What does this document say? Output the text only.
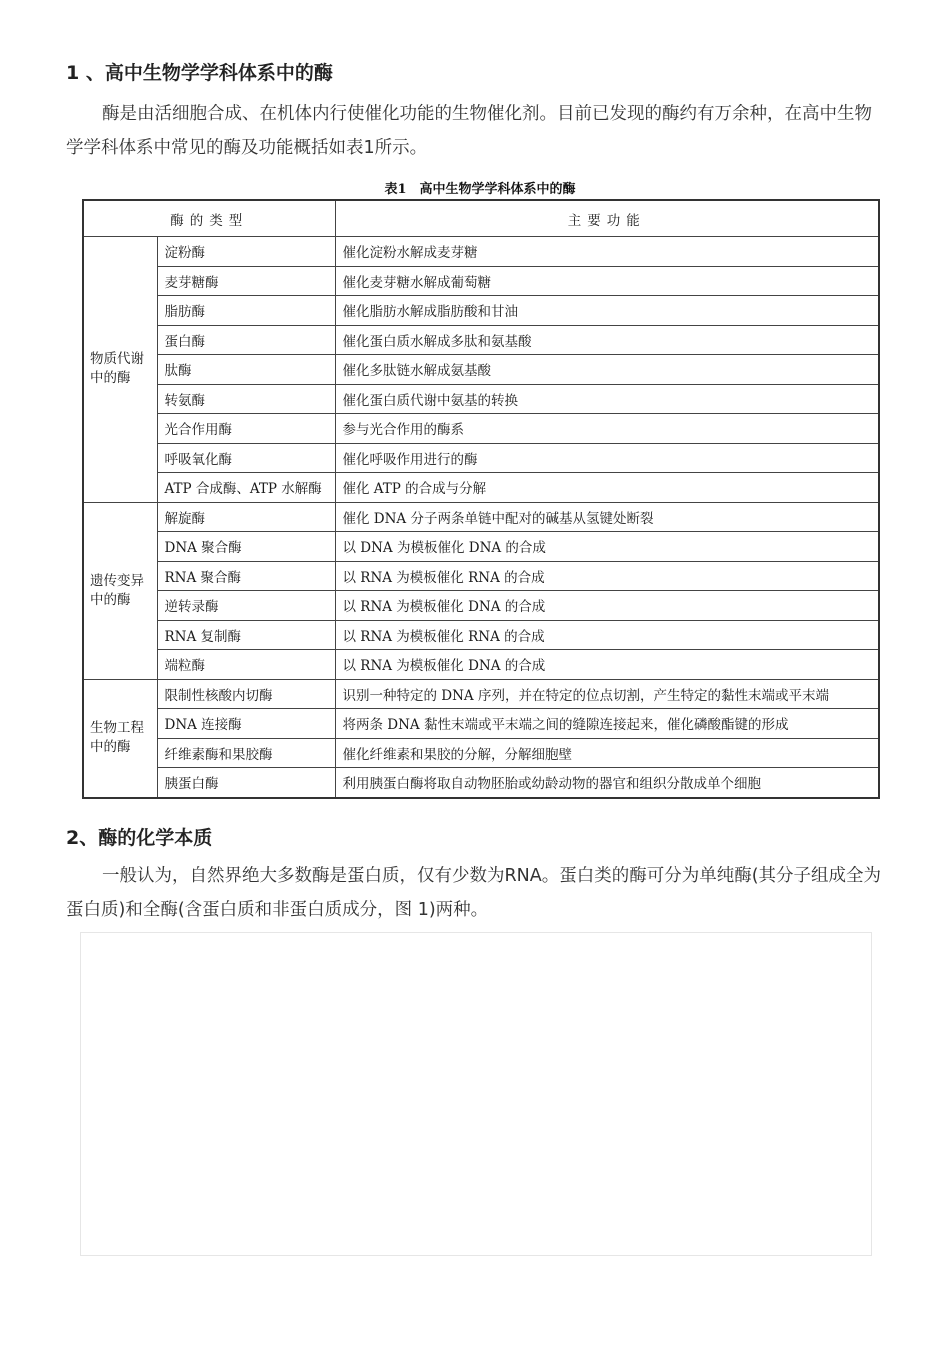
1 、高中生物学学科体系中的酶

酶是由活细胞合成、在机体内行使催化功能的生物催化剂。目前已发现的酶约有万余种，在高中生物学学科体系中常见的酶及功能概括如表1所示。

表1　高中生物学学科体系中的酶
酶的类型		主要功能
物质代谢中的酶	淀粉酶	催化淀粉水解成麦芽糖
	麦芽糖酶	催化麦芽糖水解成葡萄糖
	脂肪酶	催化脂肪水解成脂肪酸和甘油
	蛋白酶	催化蛋白质水解成多肽和氨基酸
	肽酶	催化多肽链水解成氨基酸
	转氨酶	催化蛋白质代谢中氨基的转换
	光合作用酶	参与光合作用的酶系
	呼吸氧化酶	催化呼吸作用进行的酶
	ATP 合成酶、ATP 水解酶	催化 ATP 的合成与分解
遗传变异中的酶	解旋酶	催化 DNA 分子两条单链中配对的碱基从氢键处断裂
	DNA 聚合酶	以 DNA 为模板催化 DNA 的合成
	RNA 聚合酶	以 RNA 为模板催化 RNA 的合成
	逆转录酶	以 RNA 为模板催化 DNA 的合成
	RNA 复制酶	以 RNA 为模板催化 RNA 的合成
	端粒酶	以 RNA 为模板催化 DNA 的合成
生物工程中的酶	限制性核酸内切酶	识别一种特定的 DNA 序列，并在特定的位点切割，产生特定的黏性末端或平末端
	DNA 连接酶	将两条 DNA 黏性末端或平末端之间的缝隙连接起来，催化磷酸酯键的形成
	纤维素酶和果胶酶	催化纤维素和果胶的分解，分解细胞壁
	胰蛋白酶	利用胰蛋白酶将取自动物胚胎或幼龄动物的器官和组织分散成单个细胞
2、酶的化学本质

一般认为，自然界绝大多数酶是蛋白质，仅有少数为RNA。蛋白类的酶可分为单纯酶(其分子组成全为蛋白质)和全酶(含蛋白质和非蛋白质成分，图 1)两种。
